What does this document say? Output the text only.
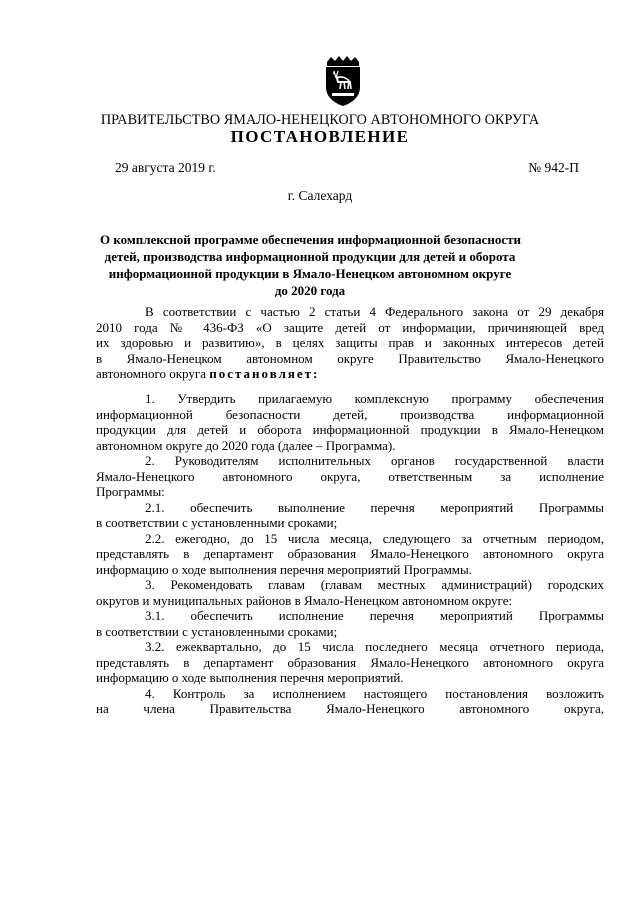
ПРАВИТЕЛЬСТВО ЯМАЛО-НЕНЕЦКОГО АВТОНОМНОГО ОКРУГА
ПОСТАНОВЛЕНИЕ
29 августа 2019 г.	№ 942-П
г. Салехард
О комплексной программе обеспечения информационной безопасности
детей, производства информационной продукции для детей и оборота
информационной продукции в Ямало-Ненецком автономном округе
до 2020 года

В соответствии с частью 2 статьи 4 Федерального закона от 29 декабря

2010 года № 436-ФЗ «О защите детей от информации, причиняющей вред

их здоровью и развитию», в целях защиты прав и законных интересов детей

в Ямало-Ненецком автономном округе Правительство Ямало-Ненецкого

автономного округа постановляет:

1. Утвердить прилагаемую комплексную программу обеспечения

информационной безопасности детей, производства информационной

продукции для детей и оборота информационной продукции в Ямало-Ненецком

автономном округе до 2020 года (далее – Программа).

2. Руководителям исполнительных органов государственной власти

Ямало-Ненецкого автономного округа, ответственным за исполнение

Программы:

2.1. обеспечить выполнение перечня мероприятий Программы

в соответствии с установленными сроками;

2.2. ежегодно, до 15 числа месяца, следующего за отчетным периодом,

представлять в департамент образования Ямало-Ненецкого автономного округа

информацию о ходе выполнения перечня мероприятий Программы.

3. Рекомендовать главам (главам местных администраций) городских

округов и муниципальных районов в Ямало-Ненецком автономном округе:

3.1. обеспечить исполнение перечня мероприятий Программы

в соответствии с установленными сроками;

3.2. ежеквартально, до 15 числа последнего месяца отчетного периода,

представлять в департамент образования Ямало-Ненецкого автономного округа

информацию о ходе выполнения перечня мероприятий.

4. Контроль за исполнением настоящего постановления возложить

на члена Правительства Ямало-Ненецкого автономного округа,
